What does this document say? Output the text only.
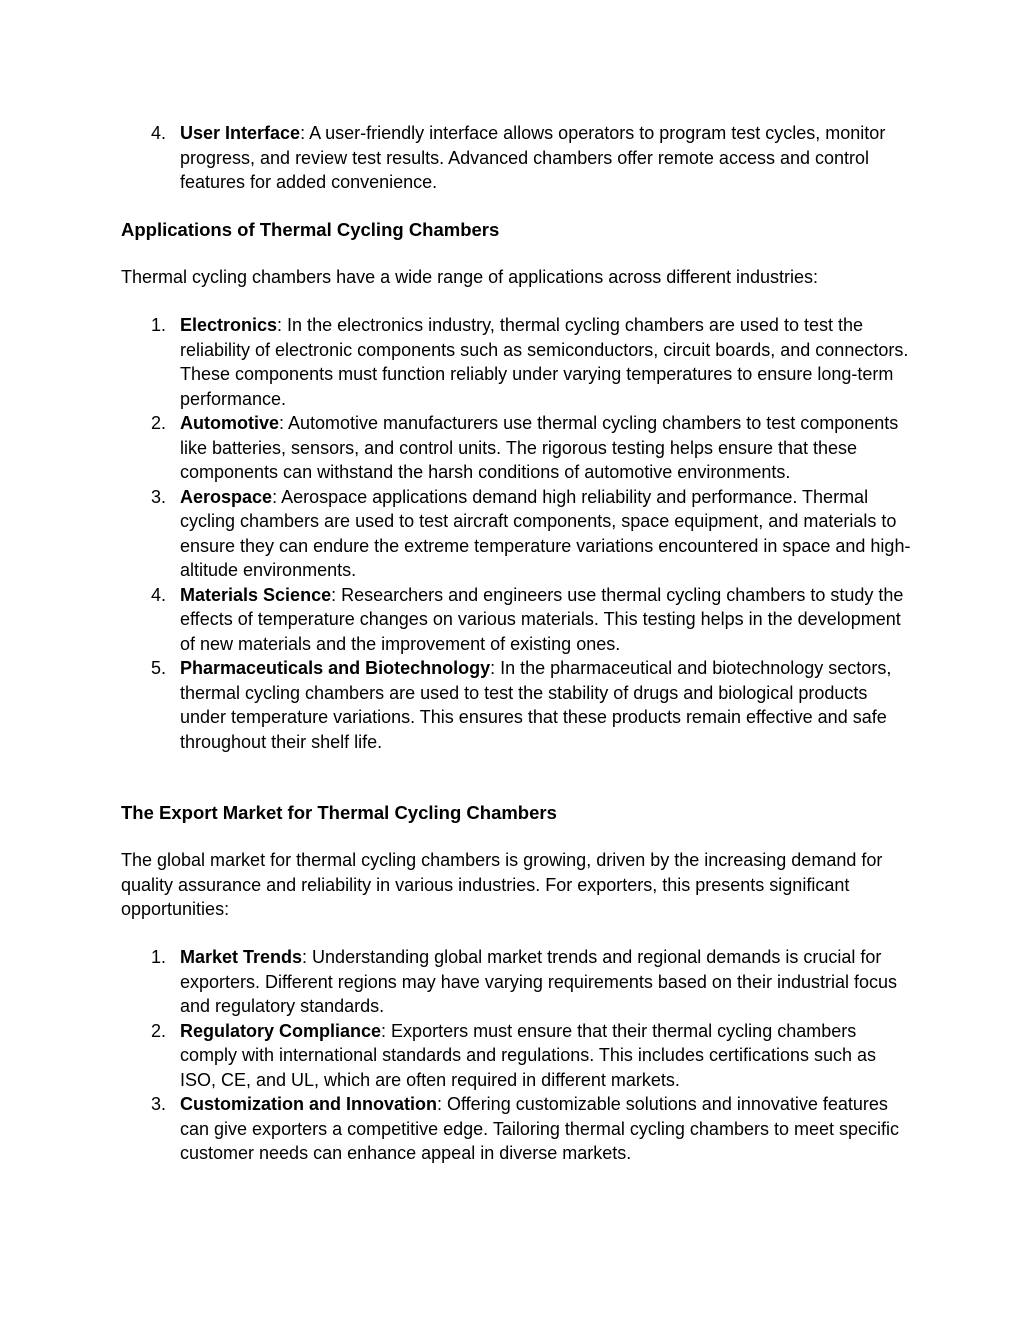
4. User Interface: A user-friendly interface allows operators to program test cycles, monitor progress, and review test results. Advanced chambers offer remote access and control features for added convenience.
Applications of Thermal Cycling Chambers
Thermal cycling chambers have a wide range of applications across different industries:
1. Electronics: In the electronics industry, thermal cycling chambers are used to test the reliability of electronic components such as semiconductors, circuit boards, and connectors. These components must function reliably under varying temperatures to ensure long-term performance.
2. Automotive: Automotive manufacturers use thermal cycling chambers to test components like batteries, sensors, and control units. The rigorous testing helps ensure that these components can withstand the harsh conditions of automotive environments.
3. Aerospace: Aerospace applications demand high reliability and performance. Thermal cycling chambers are used to test aircraft components, space equipment, and materials to ensure they can endure the extreme temperature variations encountered in space and high-altitude environments.
4. Materials Science: Researchers and engineers use thermal cycling chambers to study the effects of temperature changes on various materials. This testing helps in the development of new materials and the improvement of existing ones.
5. Pharmaceuticals and Biotechnology: In the pharmaceutical and biotechnology sectors, thermal cycling chambers are used to test the stability of drugs and biological products under temperature variations. This ensures that these products remain effective and safe throughout their shelf life.
The Export Market for Thermal Cycling Chambers
The global market for thermal cycling chambers is growing, driven by the increasing demand for quality assurance and reliability in various industries. For exporters, this presents significant opportunities:
1. Market Trends: Understanding global market trends and regional demands is crucial for exporters. Different regions may have varying requirements based on their industrial focus and regulatory standards.
2. Regulatory Compliance: Exporters must ensure that their thermal cycling chambers comply with international standards and regulations. This includes certifications such as ISO, CE, and UL, which are often required in different markets.
3. Customization and Innovation: Offering customizable solutions and innovative features can give exporters a competitive edge. Tailoring thermal cycling chambers to meet specific customer needs can enhance appeal in diverse markets.
